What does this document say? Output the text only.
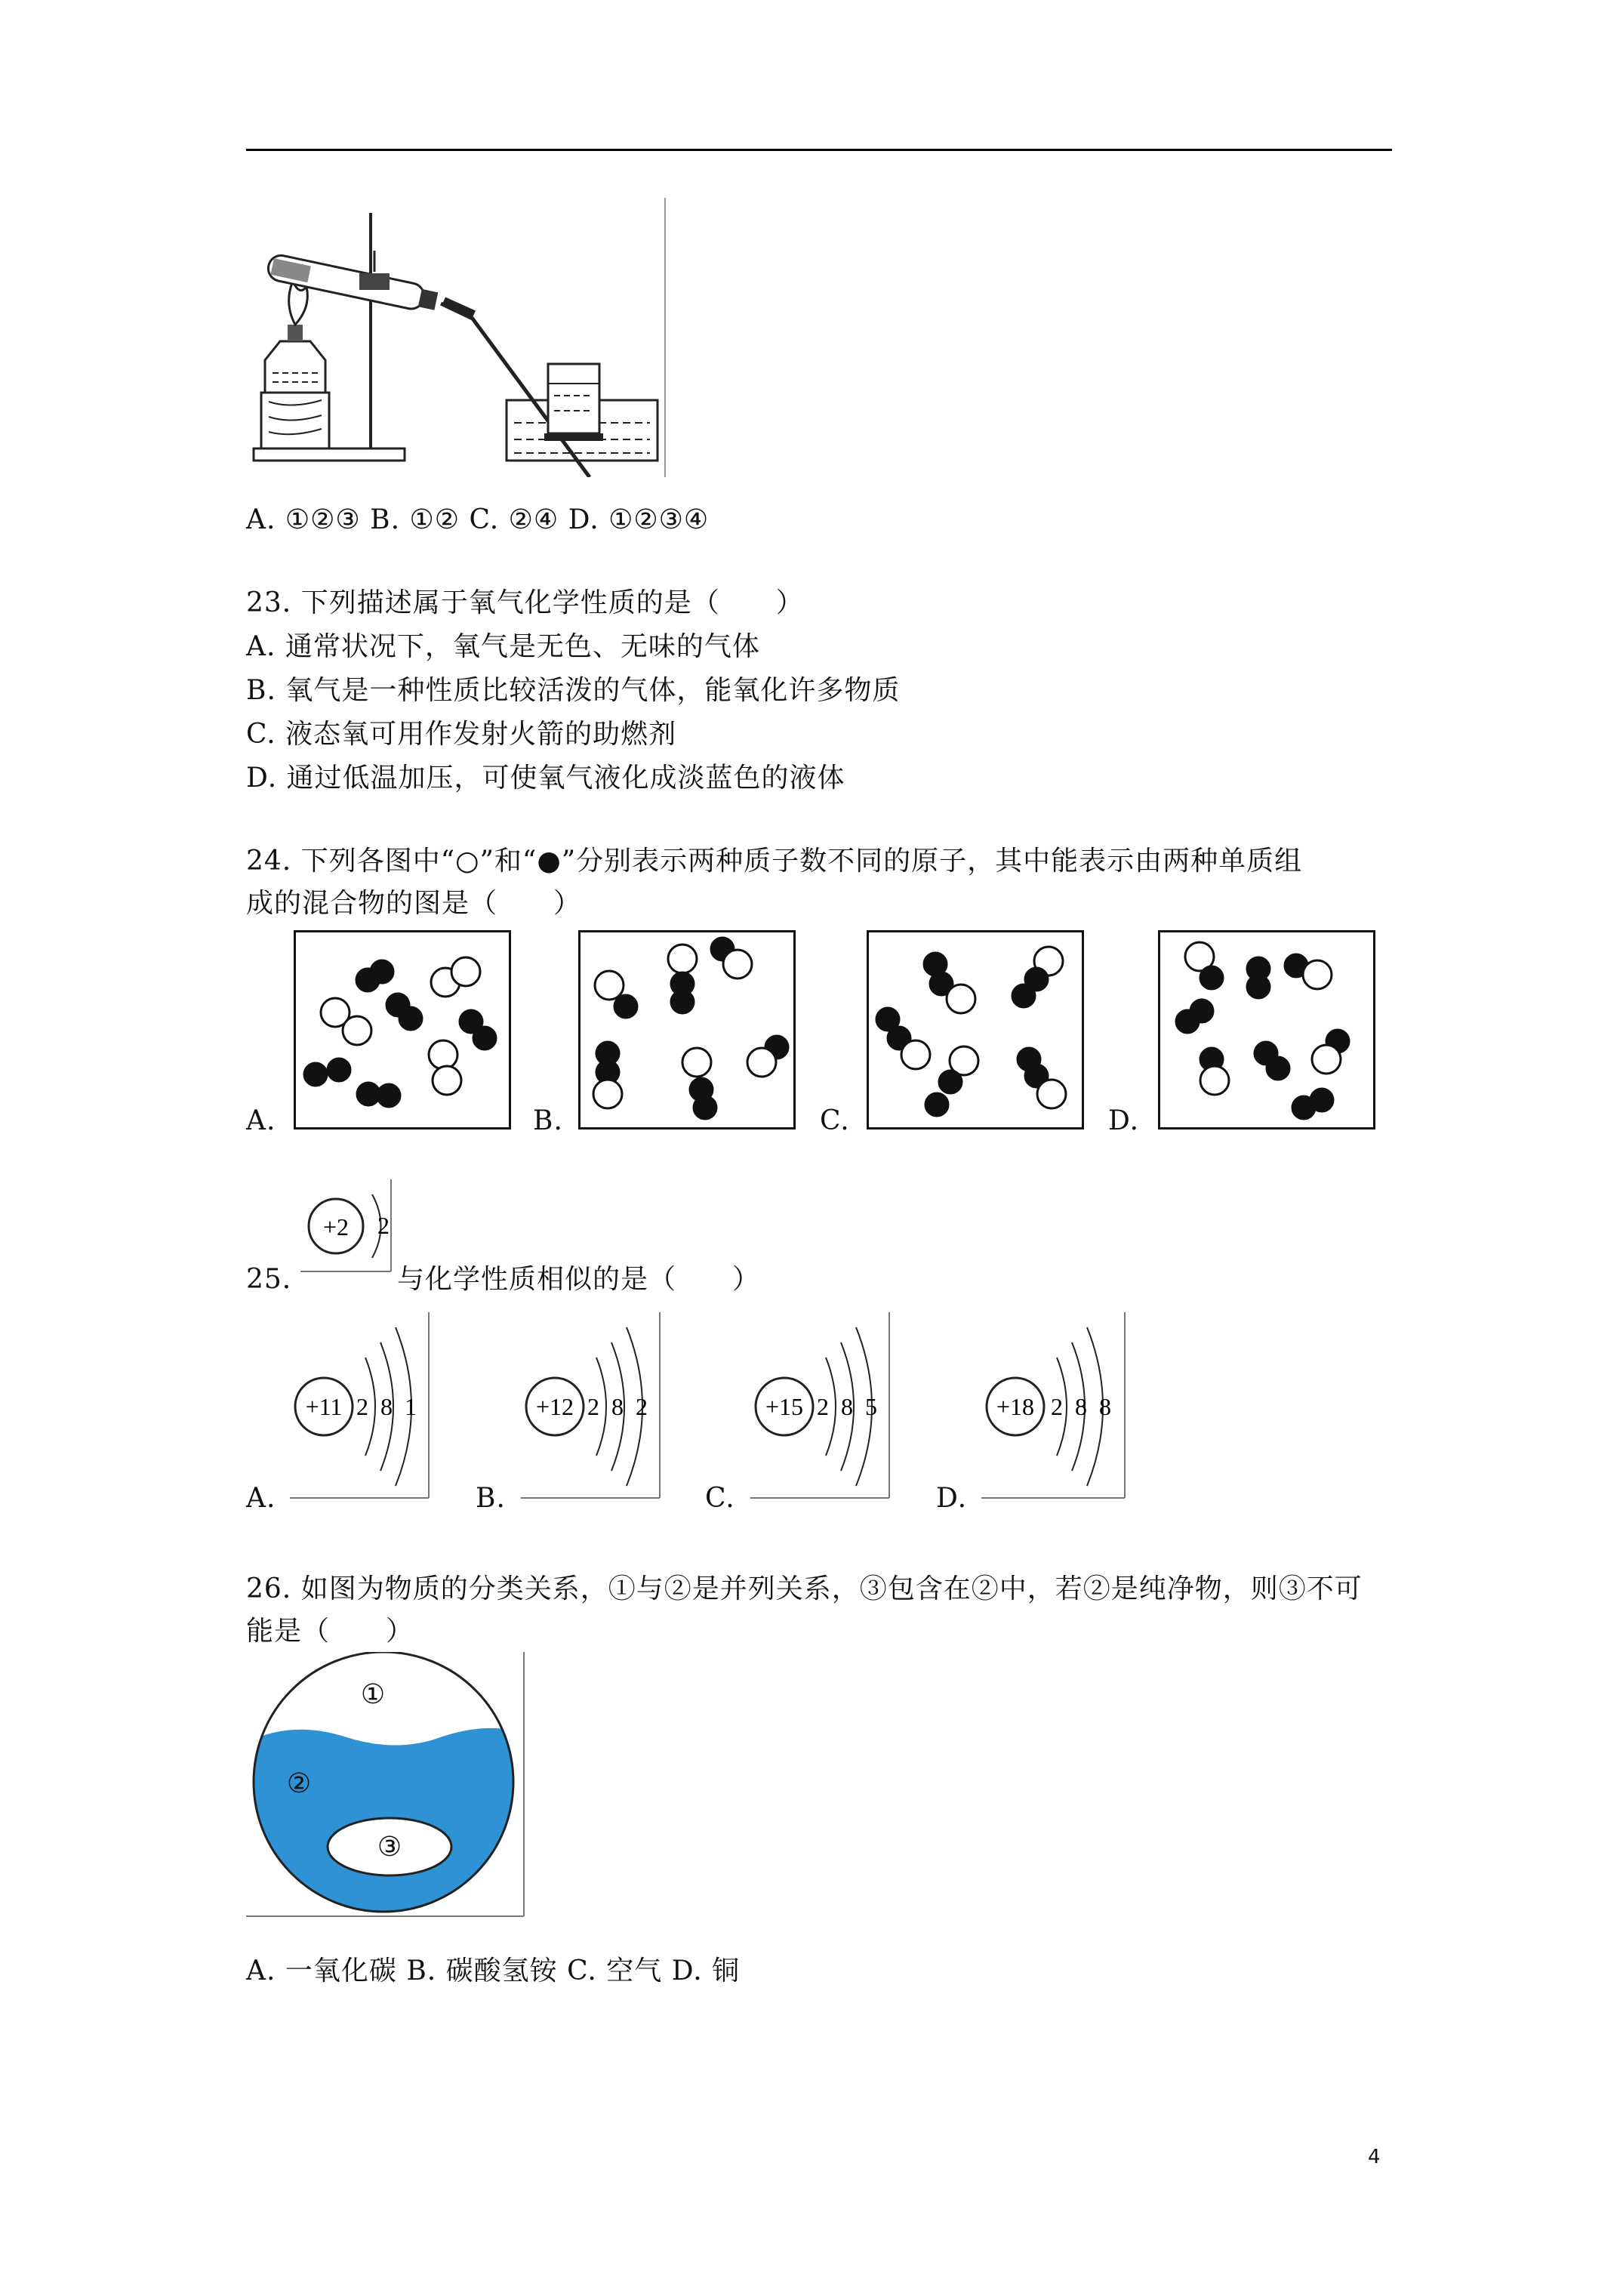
A. ①②③ B. ①② C. ②④ D. ①②③④
23. 下列描述属于氧气化学性质的是（　　）
A. 通常状况下，氧气是无色、无味的气体
B. 氧气是一种性质比较活泼的气体，能氧化许多物质
C. 液态氧可用作发射火箭的助燃剂
D. 通过低温加压，可使氧气液化成淡蓝色的液体
24. 下列各图中“○”和“●”分别表示两种质子数不同的原子，其中能表示由两种单质组
成的混合物的图是（　　）
A.	B.	C.	D.
+2 2
25.	与化学性质相似的是（　　）
A.
+11 2 8 1
B.
+12 2 8 2
C.
+15 2 8 5
D.
+18 2 8 8
26. 如图为物质的分类关系，①与②是并列关系，③包含在②中，若②是纯净物，则③不可
能是（　　）
①
②
③
A. 一氧化碳 B. 碳酸氢铵 C. 空气 D. 铜
4
